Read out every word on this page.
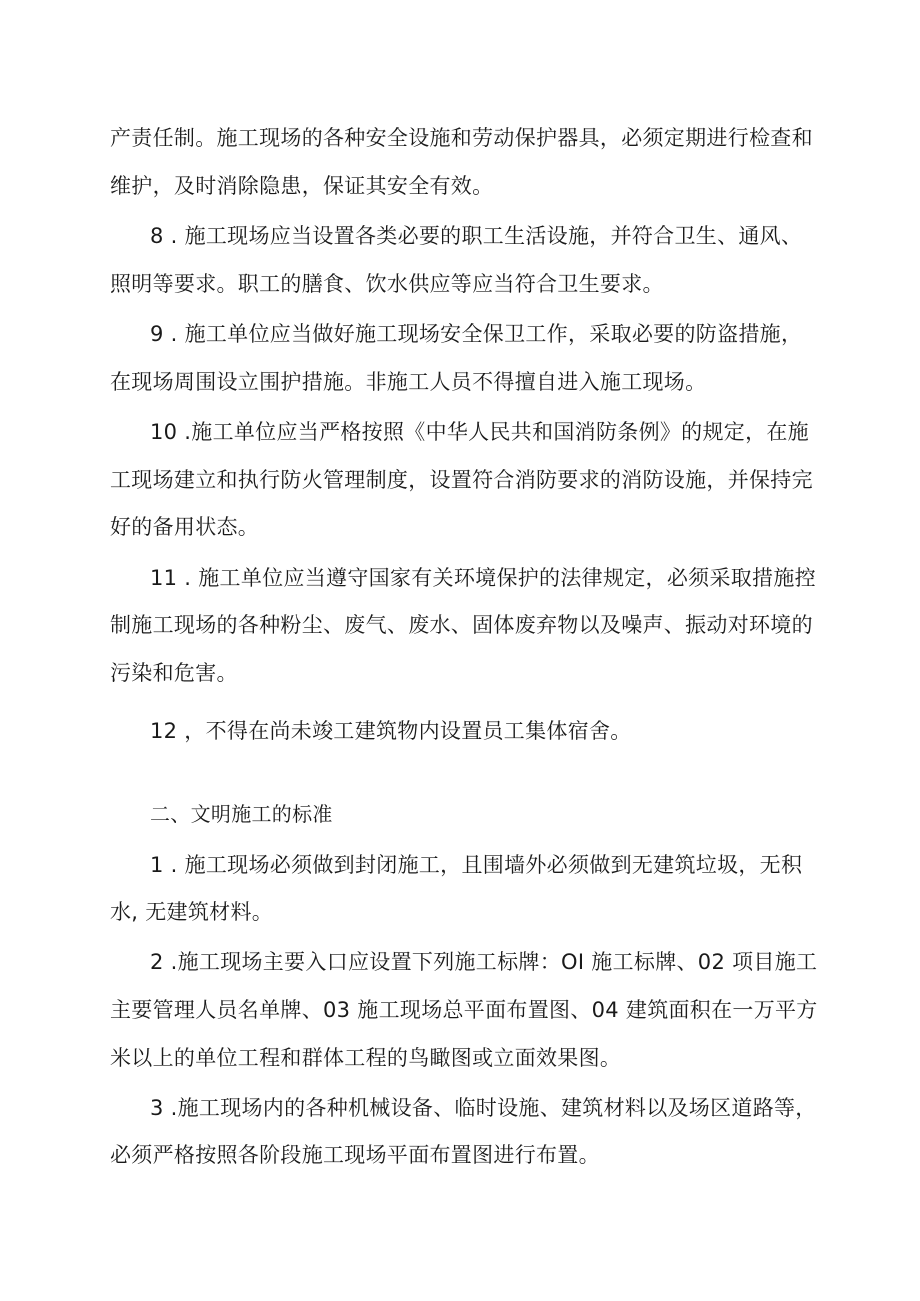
产责任制。施工现场的各种安全设施和劳动保护器具，必须定期进行检查和
维护，及时消除隐患，保证其安全有效。
8 . 施工现场应当设置各类必要的职工生活设施，并符合卫生、通风、
照明等要求。职工的膳食、饮水供应等应当符合卫生要求。
9 . 施工单位应当做好施工现场安全保卫工作，采取必要的防盗措施，
在现场周围设立围护措施。非施工人员不得擅自进入施工现场。
10 .施工单位应当严格按照《中华人民共和国消防条例》的规定，在施
工现场建立和执行防火管理制度，设置符合消防要求的消防设施，并保持完
好的备用状态。
11 . 施工单位应当遵守国家有关环境保护的法律规定，必须采取措施控
制施工现场的各种粉尘、废气、废水、固体废弃物以及噪声、振动对环境的
污染和危害。
12 ，不得在尚未竣工建筑物内设置员工集体宿舍。
二、文明施工的标准
1 . 施工现场必须做到封闭施工，且围墙外必须做到无建筑垃圾，无积
水, 无建筑材料。
2 .施工现场主要入口应设置下列施工标牌：OI 施工标牌、02 项目施工
主要管理人员名单牌、03 施工现场总平面布置图、04 建筑面积在一万平方
米以上的单位工程和群体工程的鸟瞰图或立面效果图。
3 .施工现场内的各种机械设备、临时设施、建筑材料以及场区道路等，
必须严格按照各阶段施工现场平面布置图进行布置。
